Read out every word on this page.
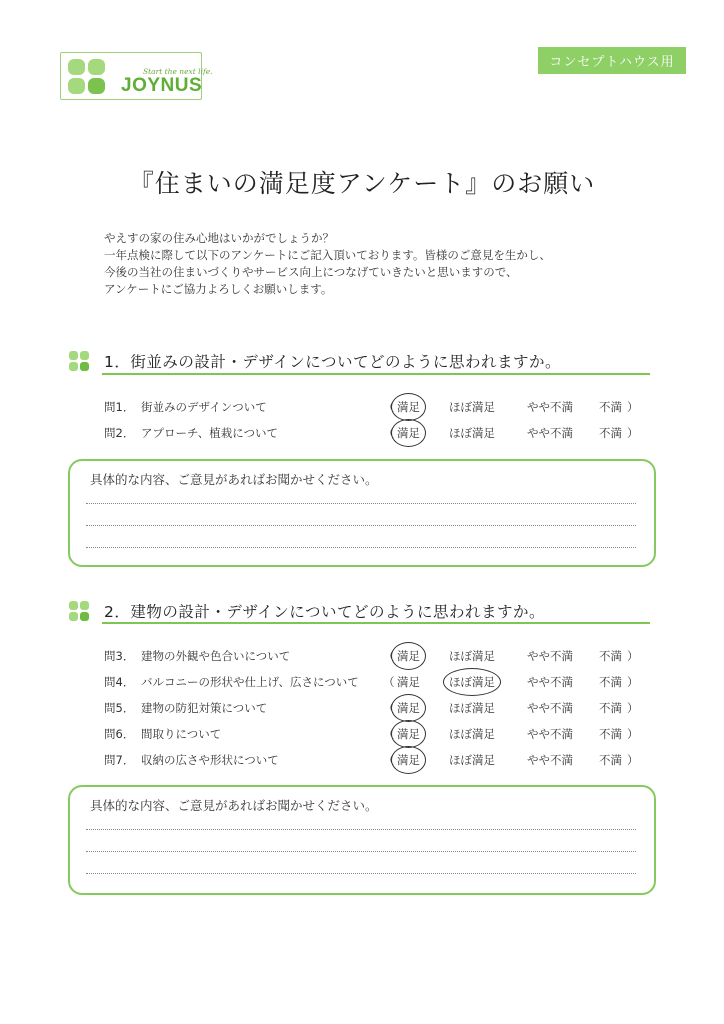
Start the next life.
JOYNUS
コンセプトハウス用
『住まいの満足度アンケート』のお願い
やえすの家の住み心地はいかがでしょうか？
一年点検に際して以下のアンケートにご記入頂いております。皆様のご意見を生かし、
今後の当社の住まいづくりやサービス向上につなげていきたいと思いますので、
アンケートにご協力よろしくお願いします。
1．街並みの設計・デザインについてどのように思われますか。
問1． 街並みのデザインついて	（ 満足	ほぼ満足	やや不満 不満 ）
問2． アプローチ、植栽について	（ 満足	ほぼ満足	やや不満 不満 ）
具体的な内容、ご意見があればお聞かせください。
2．建物の設計・デザインについてどのように思われますか。
問3． 建物の外観や色合いについて	（ 満足	ほぼ満足	やや不満 不満 ）
問4． バルコニーの形状や仕上げ、広さについて （ 満足	ほぼ満足	やや不満 不満 ）
問5． 建物の防犯対策について	（ 満足	ほぼ満足	やや不満 不満 ）
問6． 間取りについて	（ 満足	ほぼ満足	やや不満 不満 ）
問7． 収納の広さや形状について	（ 満足	ほぼ満足	やや不満 不満 ）
具体的な内容、ご意見があればお聞かせください。
